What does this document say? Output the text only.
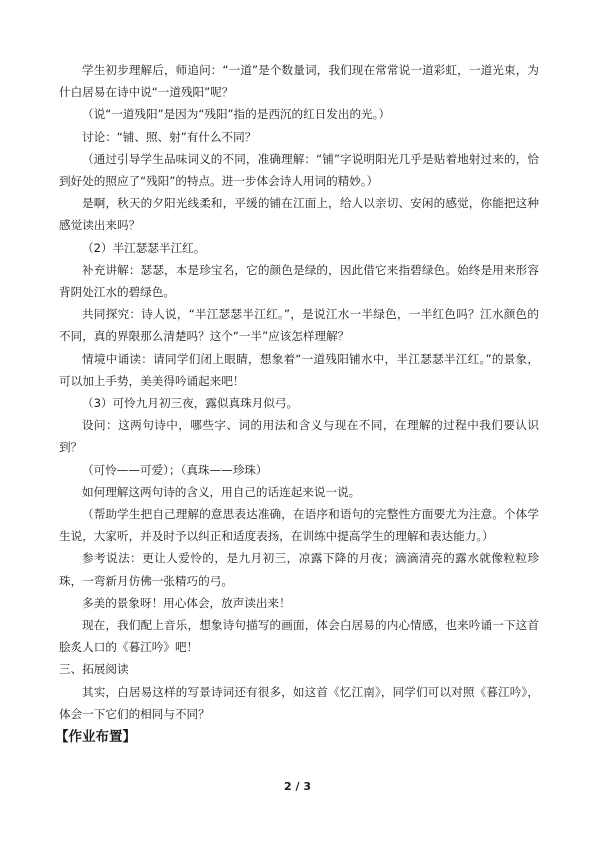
学生初步理解后，师追问：“一道”是个数量词，我们现在常常说一道彩虹，一道光束，为什白居易在诗中说“一道残阳”呢？

（说“一道残阳”是因为“残阳”指的是西沉的红日发出的光。）

讨论：“铺、照、射”有什么不同？

（通过引导学生品味词义的不同，准确理解：“铺”字说明阳光几乎是贴着地射过来的，恰到好处的照应了“残阳”的特点。进一步体会诗人用词的精妙。）

是啊，秋天的夕阳光线柔和，平缓的铺在江面上，给人以亲切、安闲的感觉，你能把这种感觉读出来吗？

（2）半江瑟瑟半江红。

补充讲解：瑟瑟，本是珍宝名，它的颜色是绿的，因此借它来指碧绿色。始终是用来形容背阴处江水的碧绿色。

共同探究：诗人说，“半江瑟瑟半江红。”，是说江水一半绿色，一半红色吗？江水颜色的不同，真的界限那么清楚吗？这个“一半”应该怎样理解？

情境中诵读：请同学们闭上眼睛，想象着“一道残阳铺水中，半江瑟瑟半江红。”的景象，可以加上手势，美美得吟诵起来吧！

（3）可怜九月初三夜，露似真珠月似弓。

设问：这两句诗中，哪些字、词的用法和含义与现在不同，在理解的过程中我们要认识到？

（可怜——可爱）；（真珠——珍珠）

如何理解这两句诗的含义，用自己的话连起来说一说。

（帮助学生把自己理解的意思表达准确，在语序和语句的完整性方面要尤为注意。个体学生说，大家听，并及时予以纠正和适度表扬，在训练中提高学生的理解和表达能力。）

参考说法：更让人爱怜的，是九月初三，凉露下降的月夜；滴滴清亮的露水就像粒粒珍珠，一弯新月仿佛一张精巧的弓。

多美的景象呀！用心体会，放声读出来！

现在，我们配上音乐，想象诗句描写的画面，体会白居易的内心情感，也来吟诵一下这首脍炙人口的《暮江吟》吧！

三、拓展阅读

其实，白居易这样的写景诗词还有很多，如这首《忆江南》，同学们可以对照《暮江吟》，体会一下它们的相同与不同？

【作业布置】

2 / 3
